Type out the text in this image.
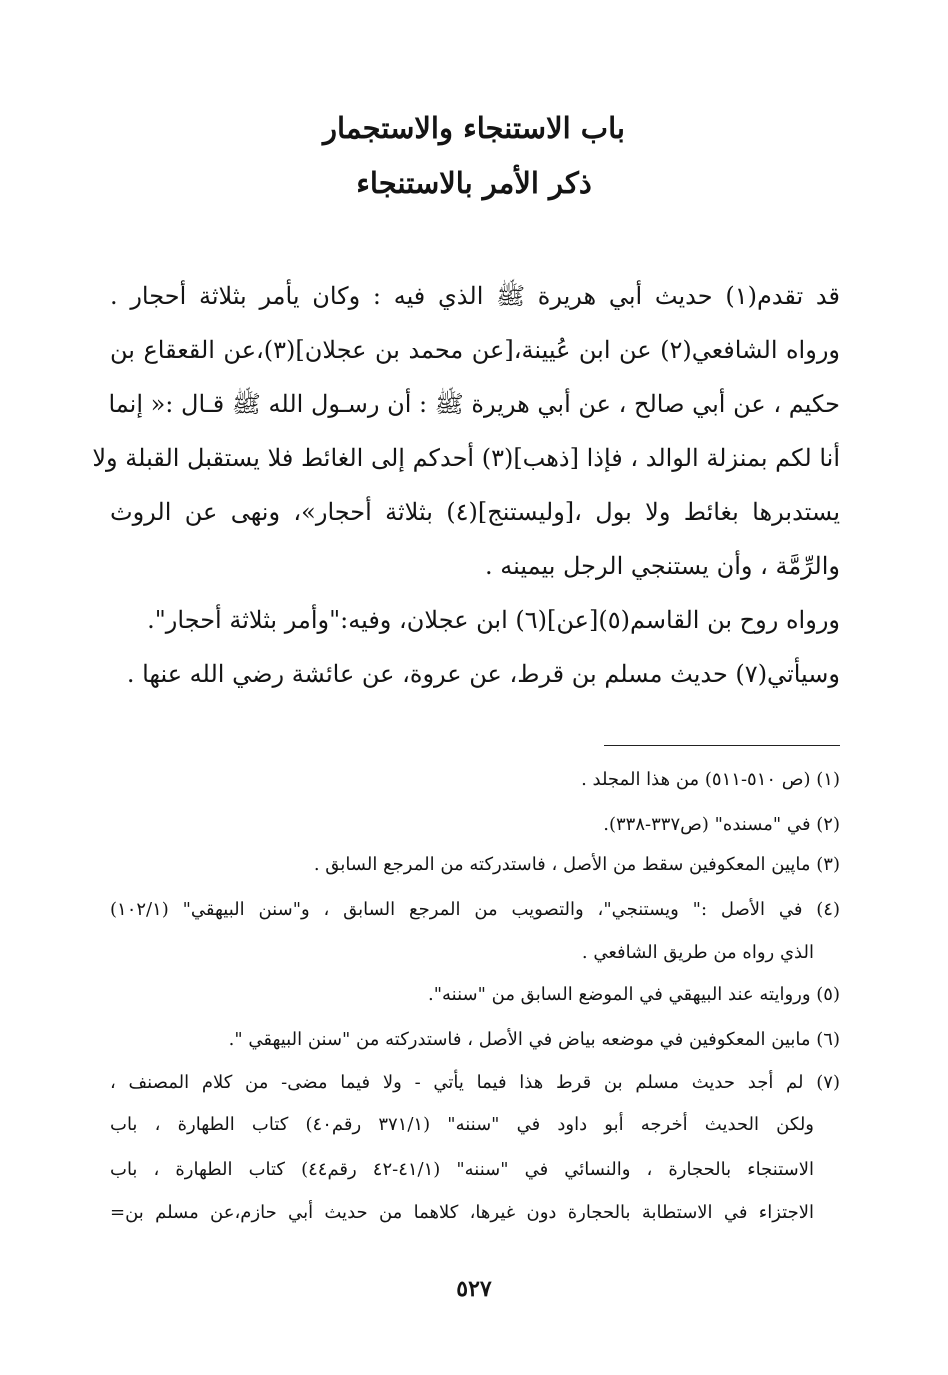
باب الاستنجاء والاستجمار
ذكر الأمر بالاستنجاء
قد تقدم(١) حديث أبي هريرة ﷺ الذي فيه : وكان يأمر بثلاثة أحجار .
ورواه الشافعي(٢) عن ابن عُيينة،[عن محمد بن عجلان](٣)،عن القعقاع بن
حكيم ، عن أبي صالح ، عن أبي هريرة ﷺ : أن رسـول الله ﷺ قـال :« إنما
أنا لكم بمنزلة الوالد ، فإذا [ذهب](٣) أحدكم إلى الغائط فلا يستقبل القبلة ولا
يستدبرها بغائط ولا بول ،[وليستنج](٤) بثلاثة أحجار»، ونهى عن الروث
والرِّمَّة ، وأن يستنجي الرجل بيمينه .
ورواه روح بن القاسم(٥)[عن](٦) ابن عجلان، وفيه:"وأمر بثلاثة أحجار".
وسيأتي(٧) حديث مسلم بن قرط، عن عروة، عن عائشة رضي الله عنها .
(١) (ص ٥١٠-٥١١) من هذا المجلد .
(٢) في "مسنده" (ص٣٣٧-٣٣٨).
(٣) ماپين المعكوفين سقط من الأصل ، فاستدركته من المرجع السابق .
(٤) في الأصل :" ويستنجي"، والتصويب من المرجع السابق ، و"سنن البيهقي" (١٠٢/١)
الذي رواه من طريق الشافعي .
(٥) وروايته عند البيهقي في الموضع السابق من "سننه".
(٦) مابين المعكوفين في موضعه بياض في الأصل ، فاستدركته من "سنن البيهقي ".
(٧) لم أجد حديث مسلم بن قرط هذا فيما يأتي - ولا فيما مضى- من كلام المصنف ،
ولكن الحديث أخرجه أبو داود في "سننه" (٣٧١/١ رقم٤٠) كتاب الطهارة ، باب
الاستنجاء بالحجارة ، والنسائي في "سننه" (٤١/١-٤٢ رقم٤٤) كتاب الطهارة ، باب
الاجتزاء في الاستطابة بالحجارة دون غيرها، كلاهما من حديث أبي حازم،عن مسلم بن=
٥٢٧
